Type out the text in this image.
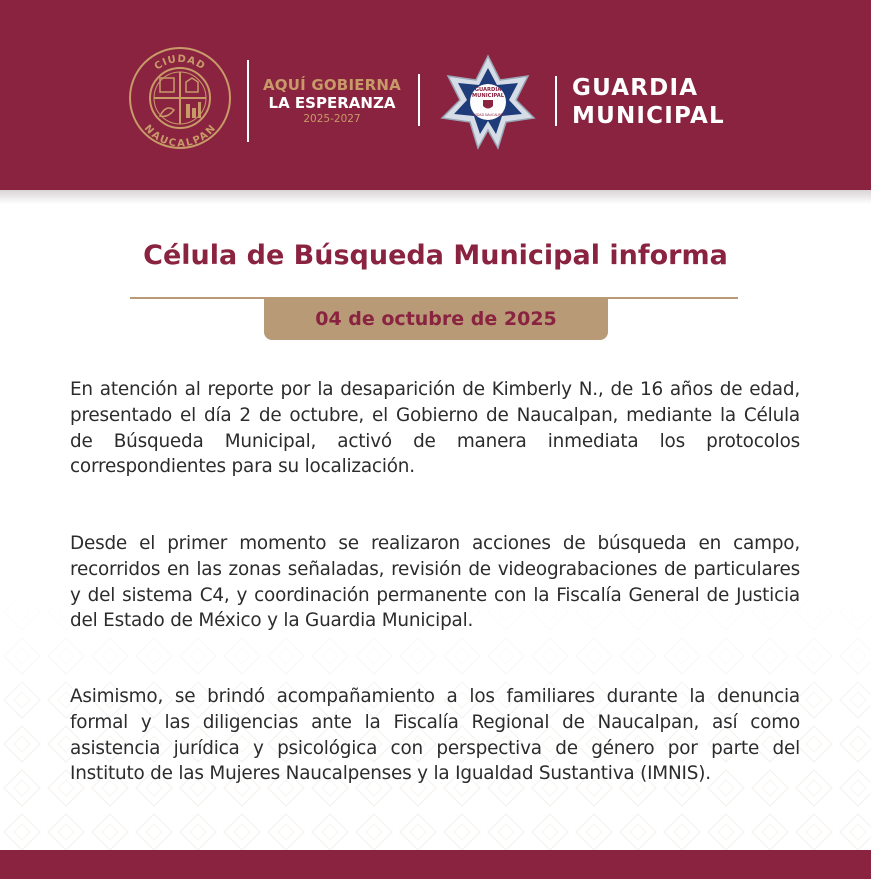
CIUDAD
NAUCALPAN
AQUÍ GOBIERNA
LA ESPERANZA
2025-2027
GUARDIA
MUNICIPAL
CIUDAD NAUCALPAN
GUARDIA
MUNICIPAL
Célula de Búsqueda Municipal informa
04 de octubre de 2025

En atención al reporte por la desaparición de Kimberly N., de 16 años de edad, presentado el día 2 de octubre, el Gobierno de Naucalpan, mediante la Célula de Búsqueda Municipal, activó de manera inmediata los protocolos correspondientes para su localización.

Desde el primer momento se realizaron acciones de búsqueda en campo, recorridos en las zonas señaladas, revisión de videograbaciones de particulares y del sistema C4, y coordinación permanente con la Fiscalía General de Justicia del Estado de México y la Guardia Municipal.

Asimismo, se brindó acompañamiento a los familiares durante la denuncia formal y las diligencias ante la Fiscalía Regional de Naucalpan, así como asistencia jurídica y psicológica con perspectiva de género por parte del Instituto de las Mujeres Naucalpenses y la Igualdad Sustantiva (IMNIS).
